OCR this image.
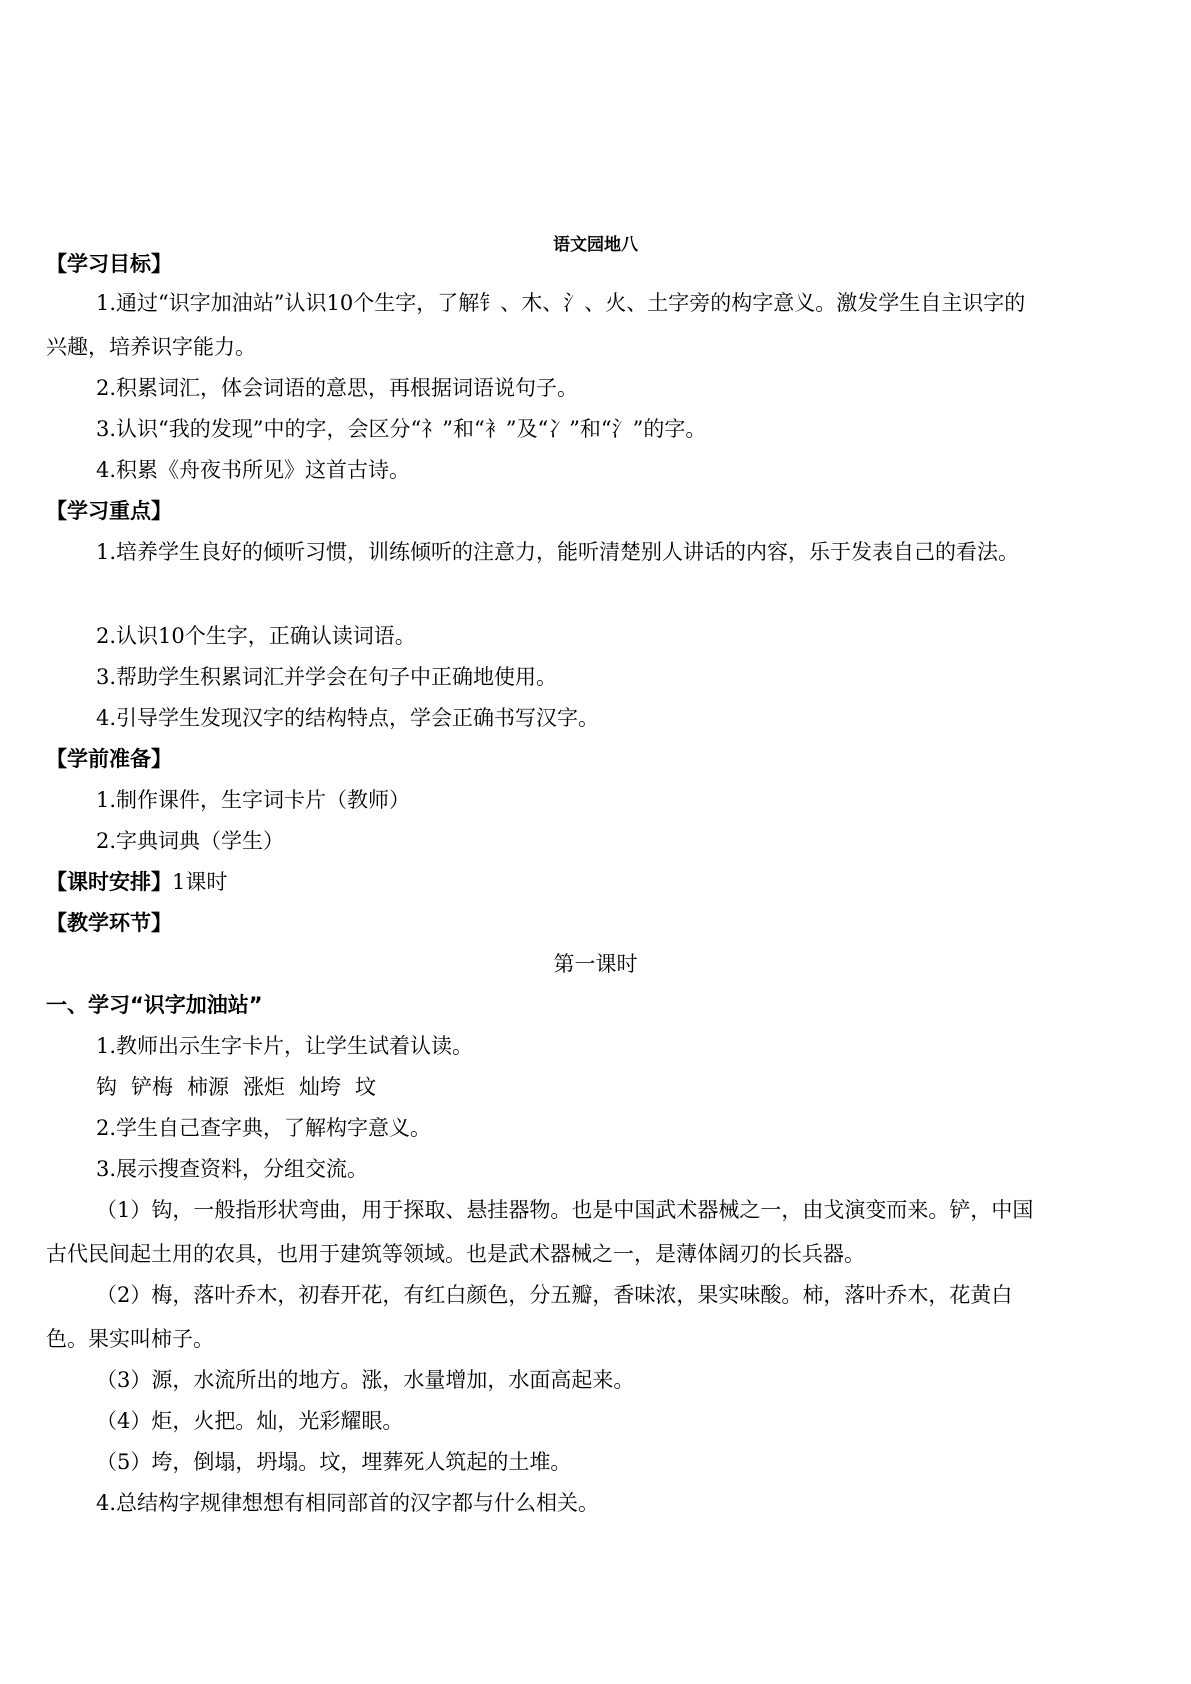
语文园地八
【学习目标】
1.通过“识字加油站”认识10个生字，了解钅、木、氵、火、土字旁的构字意义。激发学生自主识字的
兴趣，培养识字能力。
2.积累词汇，体会词语的意思，再根据词语说句子。
3.认识“我的发现”中的字，会区分“礻”和“衤”及“冫”和“氵”的字。
4.积累《舟夜书所见》这首古诗。
【学习重点】
1.培养学生良好的倾听习惯，训练倾听的注意力，能听清楚别人讲话的内容，乐于发表自己的看法。
2.认识10个生字，正确认读词语。
3.帮助学生积累词汇并学会在句子中正确地使用。
4.引导学生发现汉字的结构特点，学会正确书写汉字。
【学前准备】
1.制作课件，生字词卡片（教师）
2.字典词典（学生）
【课时安排】1课时
【教学环节】
第一课时
一、学习“识字加油站”
1.教师出示生字卡片，让学生试着认读。
钩 铲梅 柿源 涨炬 灿垮 坟
2.学生自己查字典，了解构字意义。
3.展示搜查资料，分组交流。
（1）钩，一般指形状弯曲，用于探取、悬挂器物。也是中国武术器械之一，由戈演变而来。铲，中国
古代民间起土用的农具，也用于建筑等领域。也是武术器械之一，是薄体阔刃的长兵器。
（2）梅，落叶乔木，初春开花，有红白颜色，分五瓣，香味浓，果实味酸。柿，落叶乔木，花黄白
色。果实叫柿子。
（3）源，水流所出的地方。涨，水量增加，水面高起来。
（4）炬，火把。灿，光彩耀眼。
（5）垮，倒塌，坍塌。坟，埋葬死人筑起的土堆。
4.总结构字规律想想有相同部首的汉字都与什么相关。
